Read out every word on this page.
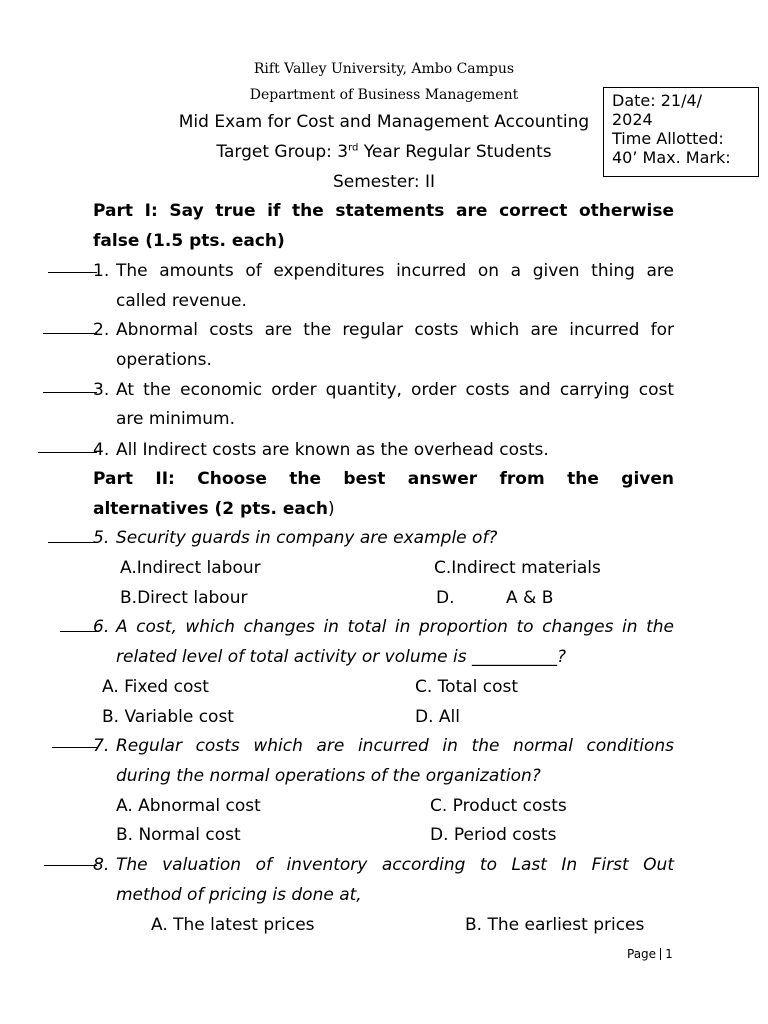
Rift Valley University, Ambo Campus
Department of Business Management
Mid Exam for Cost and Management Accounting
Target Group: 3rd Year Regular Students
Semester: II
Date: 21/4/
2024
Time Allotted:
40’ Max. Mark:
Part I: Say true if the statements are correct otherwise
false (1.5 pts. each)
1. The amounts of expenditures incurred on a given thing are
called revenue.
2. Abnormal costs are the regular costs which are incurred for
operations.
3. At the economic order quantity, order costs and carrying cost
are minimum.
4. All Indirect costs are known as the overhead costs.
Part II: Choose the best answer from the given
alternatives (2 pts. each)
5. Security guards in company are example of?
A.Indirect labour	C.Indirect materials
B.Direct labour	D.	A & B
6. A cost, which changes in total in proportion to changes in the
related level of total activity or volume is __________?
A. Fixed cost	C. Total cost
B. Variable cost	D. All
7. Regular costs which are incurred in the normal conditions
during the normal operations of the organization?
A. Abnormal cost	C. Product costs
B. Normal cost	D. Period costs
8. The valuation of inventory according to Last In First Out
method of pricing is done at,
A. The latest prices	B. The earliest prices
Page 1
